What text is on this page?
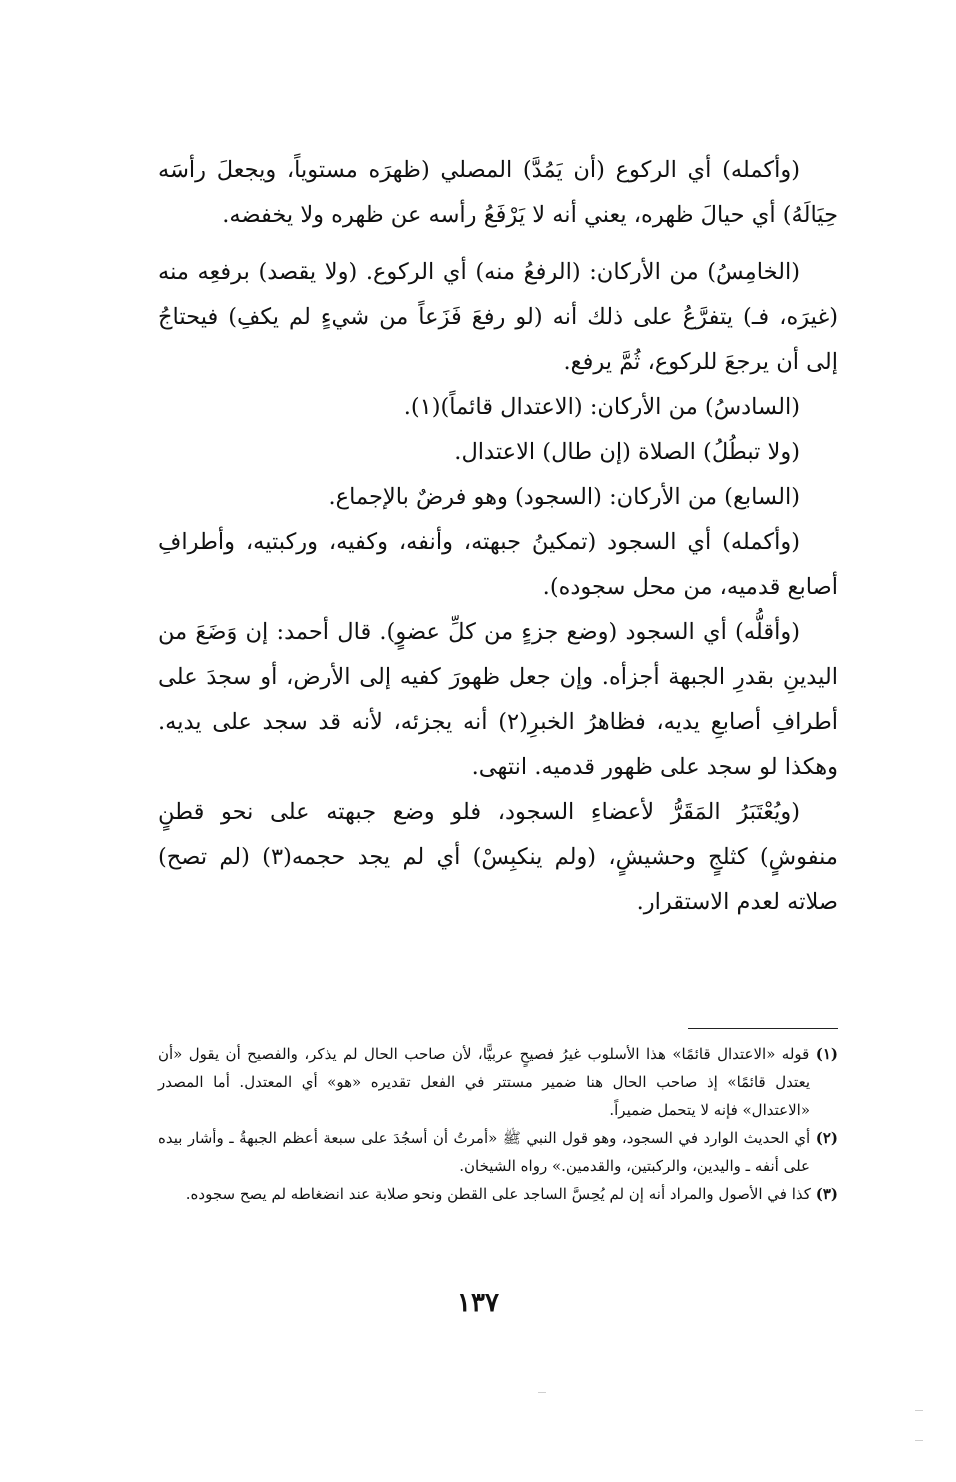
(وأكمله) أي الركوع (أن يَمُدَّ) المصلي (ظهرَه مستوياً، ويجعلَ رأسَه حِيَالَهُ) أي حيالَ ظهره، يعني أنه لا يَرْفَعُ رأسه عن ظهره ولا يخفضه.

(الخامِسُ) من الأركان: (الرفعُ منه) أي الركوع. (ولا يقصد) برفعِه منه (غيرَه، فـ) يتفرَّعُ على ذلك أنه (لو رفعَ فَزَعاً من شيءٍ لم يكفِ) فيحتاجُ إلى أن يرجعَ للركوع، ثُمَّ يرفع.

(السادسُ) من الأركان: (الاعتدال قائماً)(١).

(ولا تبطُلُ) الصلاة (إن طال) الاعتدال.

(السابع) من الأركان: (السجود) وهو فرضٌ بالإجماع.

(وأكمله) أي السجود (تمكينُ جبهته، وأنفه، وكفيه، وركبتيه، وأطرافِ أصابع قدميه، من محل سجوده).

(وأقلُّه) أي السجود (وضع جزءٍ من كلِّ عضوٍ). قال أحمد: إن وَضَعَ من اليدينِ بقدرِ الجبهة أجزأه. وإن جعل ظهورَ كفيه إلى الأرض، أو سجدَ على أطرافِ أصابعِ يديه، فظاهرُ الخبرِ(٢) أنه يجزئه، لأنه قد سجد على يديه. وهكذا لو سجد على ظهور قدميه. انتهى.

(ويُعْتَبَرُ المَقَرُّ لأعضاءِ السجود، فلو وضع جبهته على نحو قطنٍ منفوشٍ) كثلجٍ وحشيشٍ، (ولم ينكبِسْ) أي لم يجد حجمه(٣) (لم تصح) صلاته لعدم الاستقرار.

(١) قوله «الاعتدال قائمًا» هذا الأسلوب غيرُ فصيحٍ عربيًّا، لأن صاحب الحال لم يذكر، والفصيح أن يقول «أن يعتدل قائمًا» إذ صاحب الحال هنا ضمير مستتر في الفعل تقديره «هو» أي المعتدل. أما المصدر «الاعتدال» فإنه لا يتحمل ضميراً.

(٢) أي الحديث الوارد في السجود، وهو قول النبي ﷺ «أمرتُ أن أسجُدَ على سبعة أعظم الجبهةُ ـ وأشار بيده على أنفه ـ واليدين، والركبتين، والقدمين.» رواه الشيخان.

(٣) كذا في الأصول والمراد أنه إن لم يُحِسَّ الساجد على القطن ونحو صلابة عند انضغاطه لم يصح سجوده.

١٣٧
